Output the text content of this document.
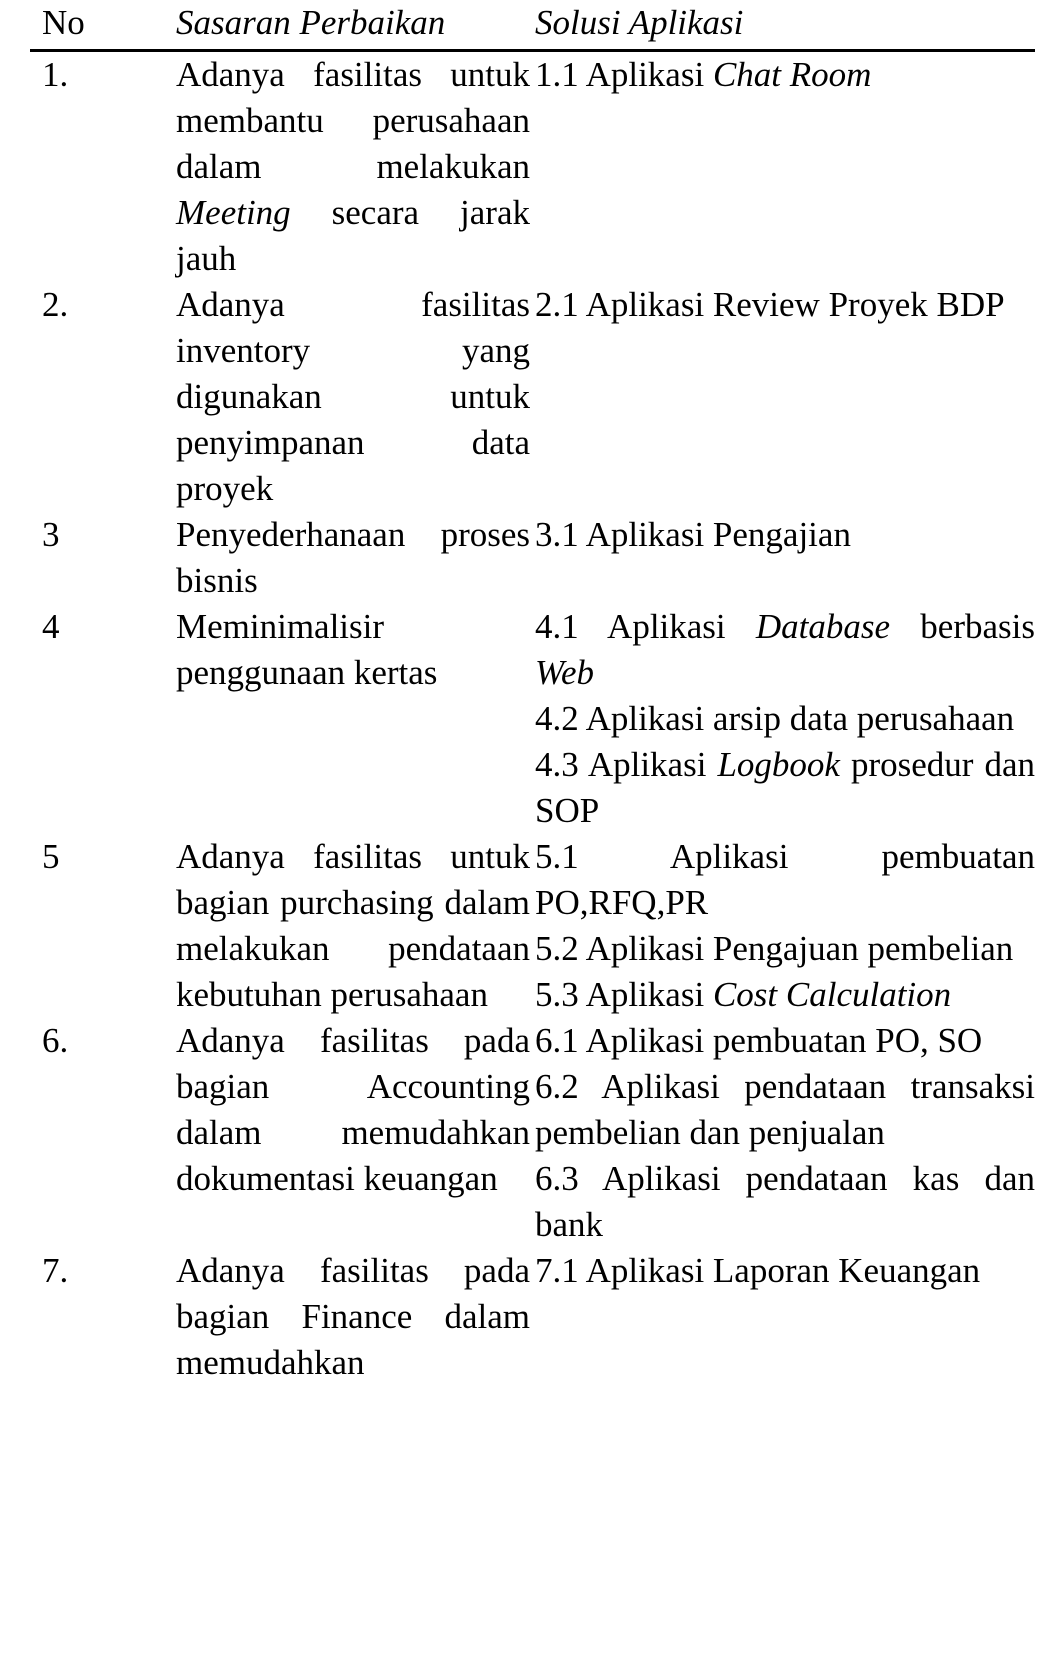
No	Sasaran Perbaikan	Solusi Aplikasi
1.	Adanya fasilitas untuk membantu perusahaan dalam melakukan Meeting secara jarak jauh	1.1 Aplikasi Chat Room

2.	Adanya fasilitas inventory yang digunakan untuk penyimpanan data proyek	2.1 Aplikasi Review Proyek BDP

3	Penyederhanaan proses bisnis	3.1 Aplikasi Pengajian

4	Meminimalisir penggunaan kertas	4.1 Aplikasi Database berbasis Web
4.2 Aplikasi arsip data perusahaan
4.3 Aplikasi Logbook prosedur dan SOP

5	Adanya fasilitas untuk bagian purchasing dalam melakukan pendataan kebutuhan perusahaan	5.1 Aplikasi pembuatan PO,RFQ,PR
5.2 Aplikasi Pengajuan pembelian
5.3 Aplikasi Cost Calculation

6.	Adanya fasilitas pada bagian Accounting dalam memudahkan dokumentasi keuangan	6.1 Aplikasi pembuatan PO, SO
6.2 Aplikasi pendataan transaksi pembelian dan penjualan
6.3 Aplikasi pendataan kas dan bank

7.	Adanya fasilitas pada bagian Finance dalam memudahkan	7.1 Aplikasi Laporan Keuangan
